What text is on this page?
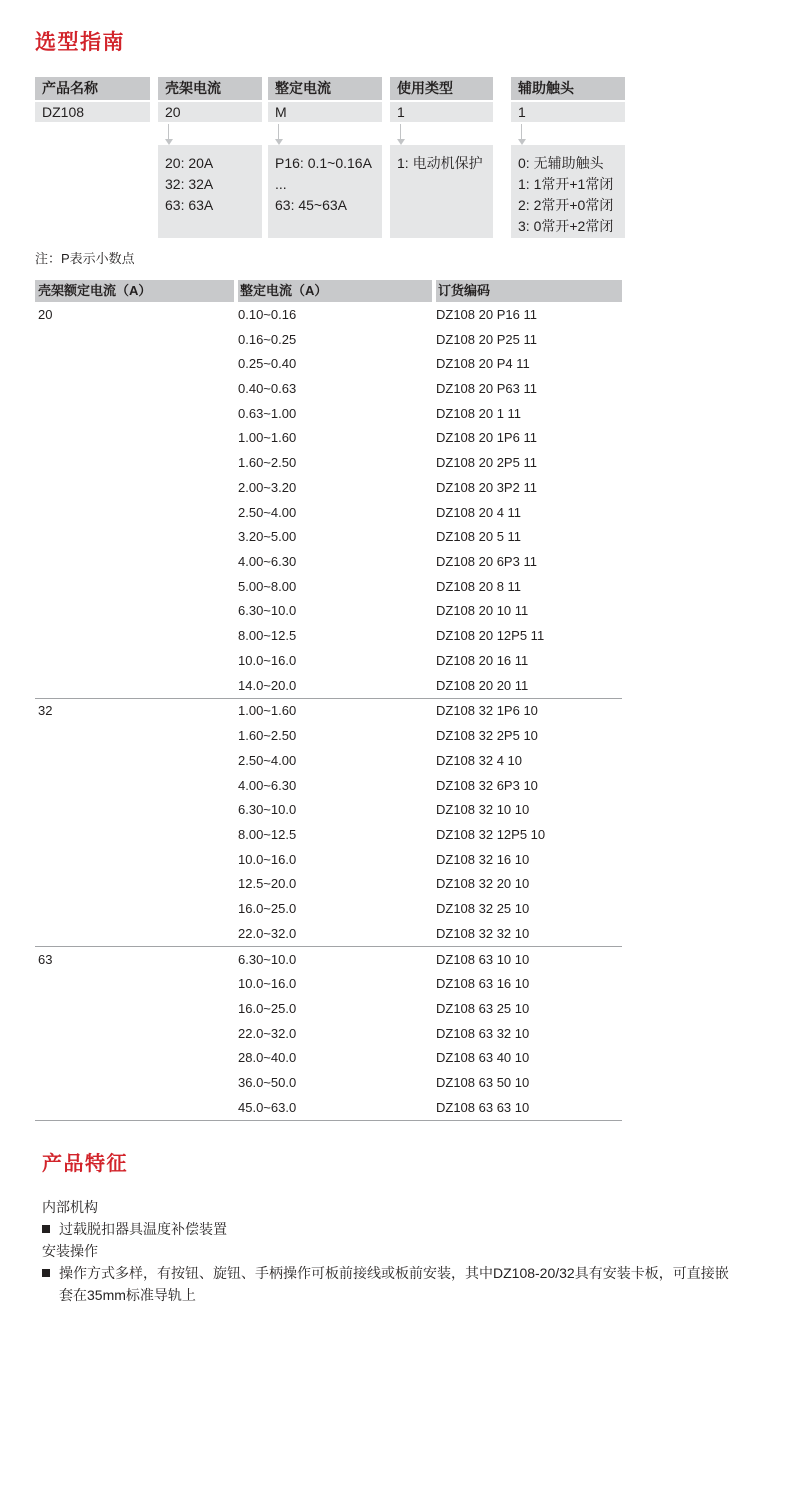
选型指南
产品名称
DZ108
壳架电流
20
20: 20A
32: 32A
63: 63A
整定电流
M
P16: 0.1~0.16A
...
63: 45~63A
使用类型
1
1: 电动机保护
辅助触头
1
0: 无辅助触头
1: 1常开+1常闭
2: 2常开+0常闭
3: 0常开+2常闭
注：P表示小数点
壳架额定电流（A）	整定电流（A）	订货编码
20	0.10~0.16	DZ108 20 P16 11
0.16~0.25	DZ108 20 P25 11
0.25~0.40	DZ108 20 P4 11
0.40~0.63	DZ108 20 P63 11
0.63~1.00	DZ108 20 1 11
1.00~1.60	DZ108 20 1P6 11
1.60~2.50	DZ108 20 2P5 11
2.00~3.20	DZ108 20 3P2 11
2.50~4.00	DZ108 20 4 11
3.20~5.00	DZ108 20 5 11
4.00~6.30	DZ108 20 6P3 11
5.00~8.00	DZ108 20 8 11
6.30~10.0	DZ108 20 10 11
8.00~12.5	DZ108 20 12P5 11
10.0~16.0	DZ108 20 16 11
14.0~20.0	DZ108 20 20 11
32	1.00~1.60	DZ108 32 1P6 10
1.60~2.50	DZ108 32 2P5 10
2.50~4.00	DZ108 32 4 10
4.00~6.30	DZ108 32 6P3 10
6.30~10.0	DZ108 32 10 10
8.00~12.5	DZ108 32 12P5 10
10.0~16.0	DZ108 32 16 10
12.5~20.0	DZ108 32 20 10
16.0~25.0	DZ108 32 25 10
22.0~32.0	DZ108 32 32 10
63	6.30~10.0	DZ108 63 10 10
10.0~16.0	DZ108 63 16 10
16.0~25.0	DZ108 63 25 10
22.0~32.0	DZ108 63 32 10
28.0~40.0	DZ108 63 40 10
36.0~50.0	DZ108 63 50 10
45.0~63.0	DZ108 63 63 10
产品特征
内部机构
过载脱扣器具温度补偿装置
安装操作
操作方式多样，有按钮、旋钮、手柄操作可板前接线或板前安装，其中DZ108-20/32具有安装卡板，可直接嵌套在35mm标准导轨上
